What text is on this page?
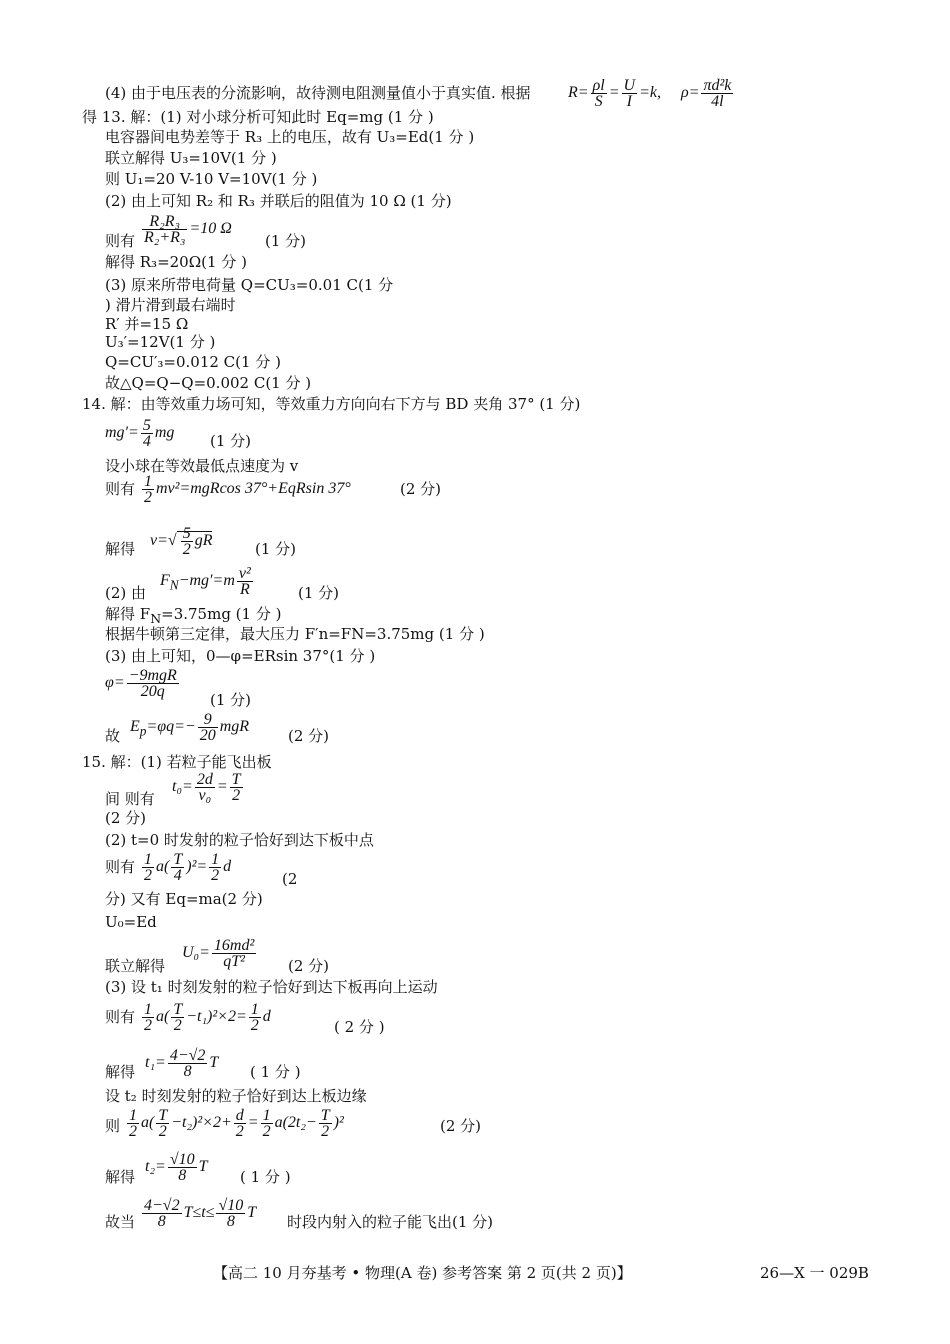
(4) 由于电压表的分流影响，故待测电阻测量值小于真实值. 根据
得 13. 解：(1) 对小球分析可知此时 Eq=mg (1 分 )
电容器间电势差等于 R₃ 上的电压，故有 U₃=Ed(1 分 )
联立解得 U₃=10V(1 分 )
则 U₁=20 V-10 V=10V(1 分 )
(2) 由上可知 R₂ 和 R₃ 并联后的阻值为 10 Ω (1 分)
则有	(1 分)
解得 R₃=20Ω(1 分 )
(3) 原来所带电荷量 Q=CU₃=0.01 C(1 分
) 滑片滑到最右端时
R′ 并=15 Ω
U₃′=12V(1 分 )
Q=CU′₃=0.012 C(1 分 )
故△Q=Q−Q=0.002 C(1 分 )
14. 解：由等效重力场可知，等效重力方向向右下方与 BD 夹角 37° (1 分)
(1 分)
设小球在等效最低点速度为 v
则有	(2 分)
解得	(1 分)
(2) 由	(1 分)
解得 $F_N=3.75mg$ (1 分 )
根据牛顿第三定律，最大压力 F′n=FN=3.75mg (1 分 )
(3) 由上可知，0—φ=ERsin 37°(1 分 )
(1 分)
故	(2 分)
15. 解：(1) 若粒子能飞出板
间 则有
(2 分)
(2) t=0 时发射的粒子恰好到达下板中点
则有
(2
分) 又有 Eq=ma(2 分)
U₀=Ed
联立解得	(2 分)
(3) 设 t₁ 时刻发射的粒子恰好到达下板再向上运动
则有
( 2 分 )
解得	( 1 分 )
设 t₂ 时刻发射的粒子恰好到达上板边缘
则	(2 分)
解得	( 1 分 )
故当	时段内射入的粒子能飞出(1 分)
$R= \frac{\rho l}{S} = \frac{U}{I} =k$,     $\rho= \frac{\text{πd²k}}{4l}$
$\frac{\text{R₂R₃}}{\text{R₂+R₃}} =10$ Ω
$mg'= \frac{5}{4}$ mg
$\frac{1}{2} mv^2=mgRcos$ 37°+EqRsin 37°
$v=√ \frac{5}{2}$ gR
$F_N-mg'=m \frac{\text{v²}}{R}$
$\varphi= \frac{\text{−9mgR}}{20q}$
$E_p=\varphi q=- \frac{9}{20}$ mgR
$t_0= \frac{2d}{\text{v₀}} = \frac{T}{2}$
$\frac{1}{2} a( \frac{T}{4} )^2= \frac{1}{2}$ d
$U_0= \frac{\text{16md²}}{\text{qT²}}$
$\frac{1}{2} a( \frac{T}{2} -t_1)^2\times 2= \frac{1}{2}$ d
$t_1= \frac{4-√2}{8}$ T
$\frac{1}{2} a( \frac{T}{2} -t_2)^2\times 2+ \frac{d}{2} = \frac{1}{2} a(2t_2- \frac{T}{2} )^2$
$t_2= \frac{√10}{8}$ T
$\frac{4-√2}{8} T\le t\le \frac{√10}{8}$ T
【高二 10 月夯基考 • 物理(A 卷) 参考答案 第 2 页(共 2 页)】	26—X 一 029B
